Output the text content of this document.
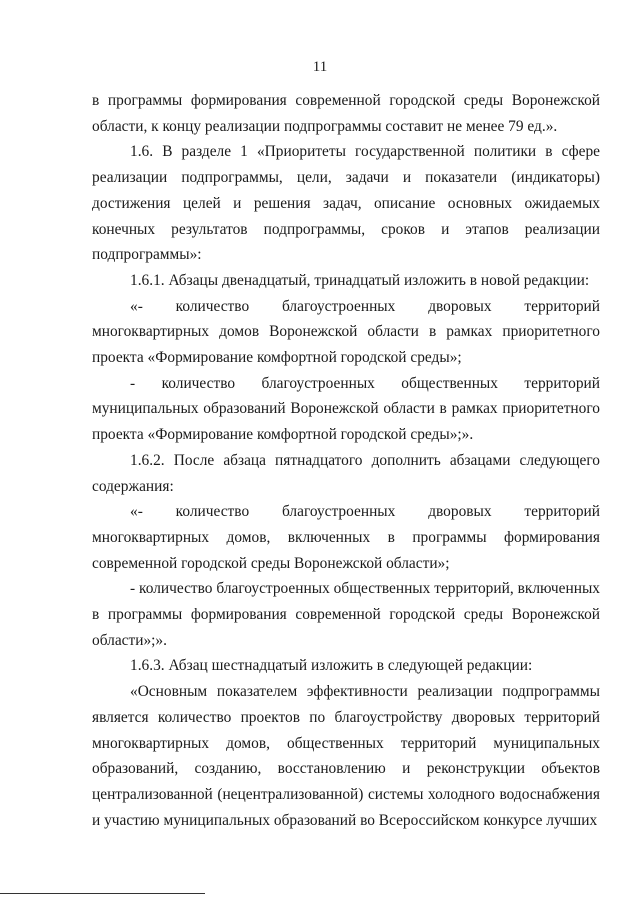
11

в программы формирования современной городской среды Воронежской области, к концу реализации подпрограммы составит не менее 79 ед.».

1.6. В разделе 1 «Приоритеты государственной политики в сфере реализации подпрограммы, цели, задачи и показатели (индикаторы) достижения целей и решения задач, описание основных ожидаемых конечных результатов подпрограммы, сроков и этапов реализации подпрограммы»:

1.6.1. Абзацы двенадцатый, тринадцатый изложить в новой редакции:

«- количество благоустроенных дворовых территорий многоквартирных домов Воронежской области в рамках приоритетного проекта «Формирование комфортной городской среды»;

- количество благоустроенных общественных территорий муниципальных образований Воронежской области в рамках приоритетного проекта «Формирование комфортной городской среды»;».

1.6.2. После абзаца пятнадцатого дополнить абзацами следующего содержания:

«- количество благоустроенных дворовых территорий многоквартирных домов, включенных в программы формирования современной городской среды Воронежской области»;

- количество благоустроенных общественных территорий, включенных в программы формирования современной городской среды Воронежской области»;».

1.6.3. Абзац шестнадцатый изложить в следующей редакции:

«Основным показателем эффективности реализации подпрограммы является количество проектов по благоустройству дворовых территорий многоквартирных домов, общественных территорий муниципальных образований, созданию, восстановлению и реконструкции объектов централизованной (нецентрализованной) системы холодного водоснабжения и участию муниципальных образований во Всероссийском конкурсе лучших
